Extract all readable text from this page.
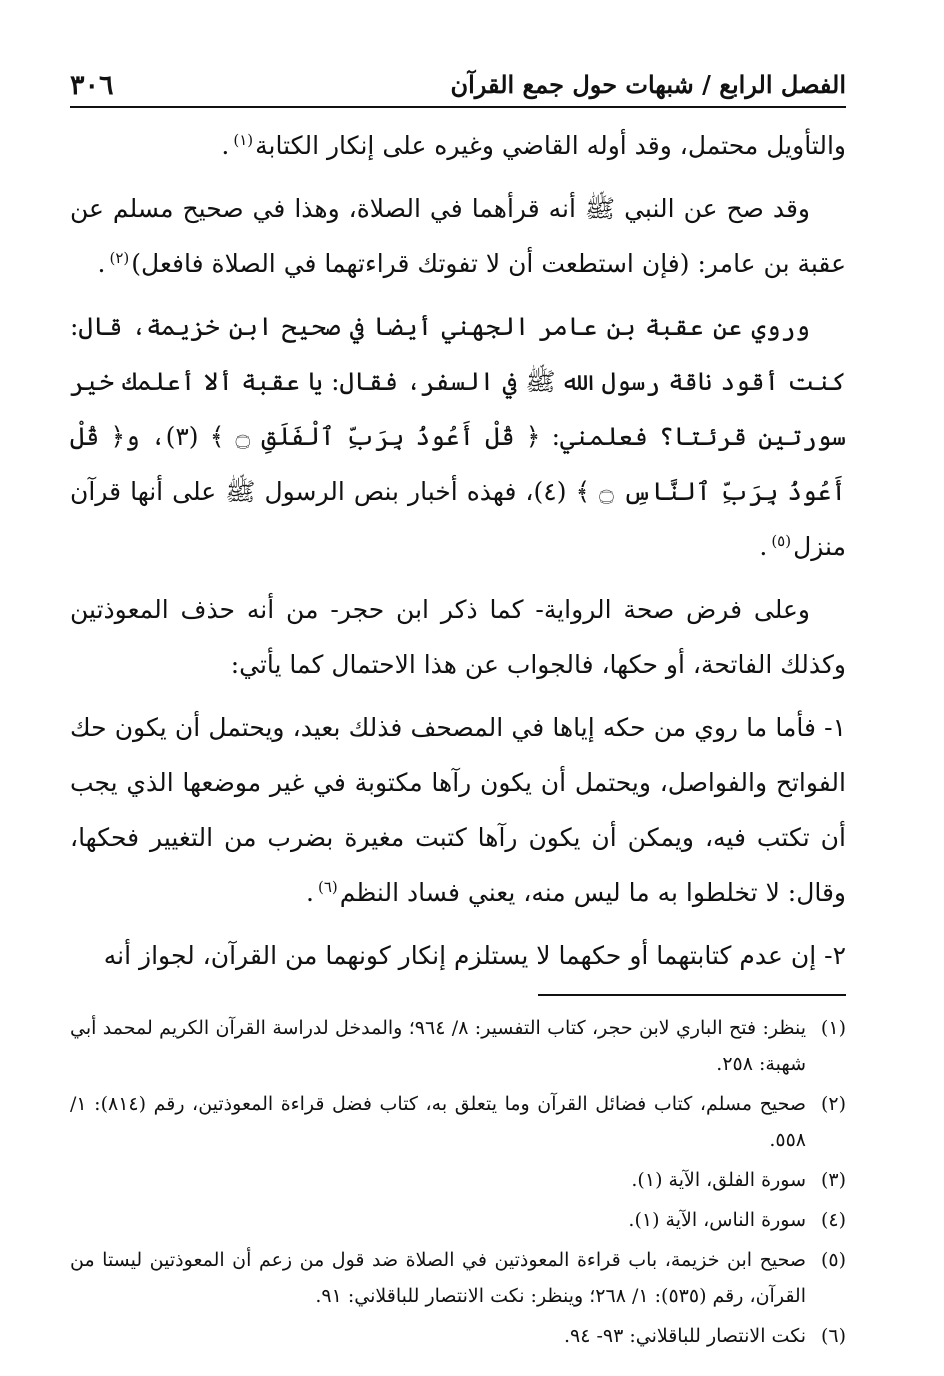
٣٠٦	الفصل الرابع / شبهات حول جمع القرآن

والتأويل محتمل، وقد أوله القاضي وغيره على إنكار الكتابة$^{(١)}$.

وقد صح عن النبي ﷺ أنه قرأهما في الصلاة، وهذا في صحيح مسلم عن عقبة بن عامر: (فإن استطعت أن لا تفوتك قراءتهما في الصلاة فافعل)$^{(٢)}$.

وروي عن عقبة بن عامر الجهني أيضا في صحيح ابن خزيمة، قال: كنت أقود ناقة رسول الله ﷺ في السفر، فقال: يا عقبة ألا أعلمك خير سورتين قرئتا؟ فعلمني: ﴿ قُلْ أَعُوذُ بِرَبِّ ٱلْفَلَقِ ۝ ﴾ (٣)، و﴿ قُلْ أَعُوذُ بِرَبِّ ٱلنَّاسِ ۝ ﴾ (٤)، فهذه أخبار بنص الرسول ﷺ على أنها قرآن منزل$^{(٥)}$.

وعلى فرض صحة الرواية- كما ذكر ابن حجر- من أنه حذف المعوذتين وكذلك الفاتحة، أو حكها، فالجواب عن هذا الاحتمال كما يأتي:

١- فأما ما روي من حكه إياها في المصحف فذلك بعيد، ويحتمل أن يكون حك الفواتح والفواصل، ويحتمل أن يكون رآها مكتوبة في غير موضعها الذي يجب أن تكتب فيه، ويمكن أن يكون رآها كتبت مغيرة بضرب من التغيير فحكها، وقال: لا تخلطوا به ما ليس منه، يعني فساد النظم$^{(٦)}$.

٢- إن عدم كتابتهما أو حكهما لا يستلزم إنكار كونهما من القرآن، لجواز أنه

(١)ينظر: فتح الباري لابن حجر، كتاب التفسير: ٨/ ٩٦٤؛ والمدخل لدراسة القرآن الكريم لمحمد أبي شهبة: ٢٥٨.

(٢)صحيح مسلم، كتاب فضائل القرآن وما يتعلق به، كتاب فضل قراءة المعوذتين، رقم (٨١٤): ١/ ٥٥٨.

(٣)سورة الفلق، الآية (١).

(٤)سورة الناس، الآية (١).

(٥)صحيح ابن خزيمة، باب قراءة المعوذتين في الصلاة ضد قول من زعم أن المعوذتين ليستا من القرآن، رقم (٥٣٥): ١/ ٢٦٨؛ وينظر: نكت الانتصار للباقلاني: ٩١.

(٦)نكت الانتصار للباقلاني: ٩٣- ٩٤.
